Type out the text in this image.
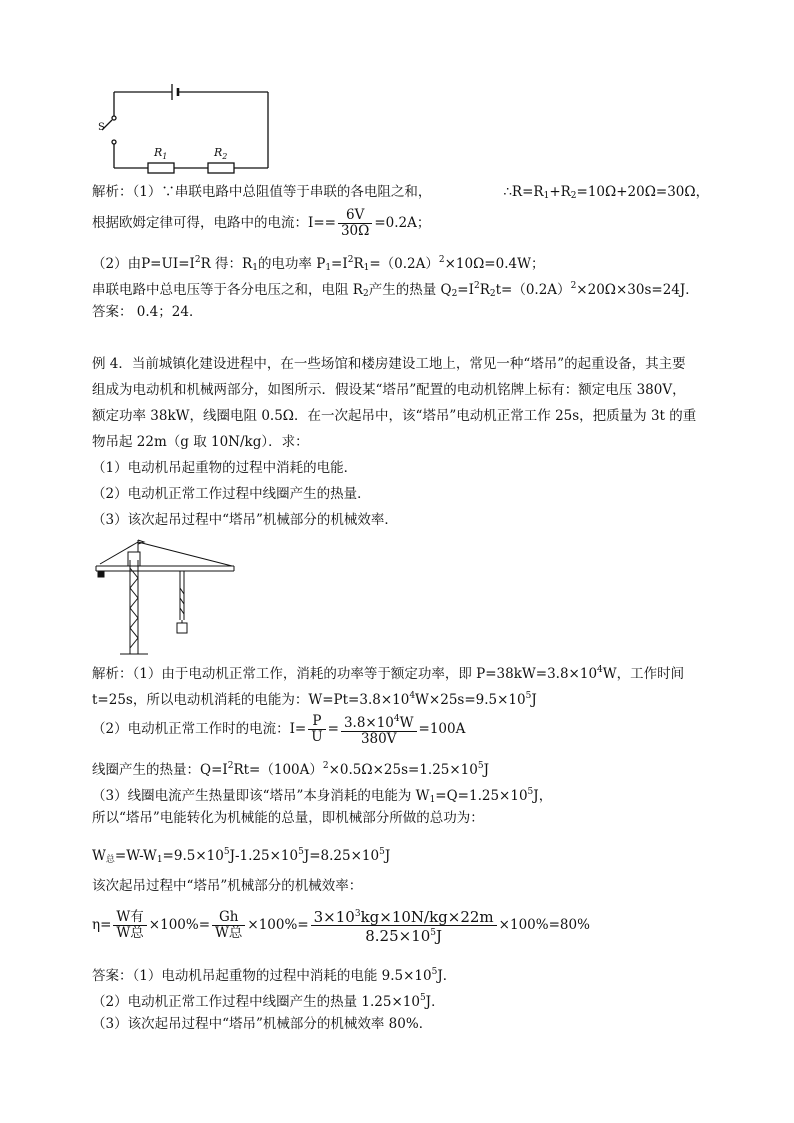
S
$R_1$	$R_2$
解析：（1）∵串联电路中总阻值等于串联的各电阻之和，	$\therefore R=R_1+R_2=10\Omega+20\Omega=30\Omega$，
根据欧姆定律可得，电路中的电流：$I== \frac{6V}{30\Omega} =0.2A$；
（2）由$P=UI=I^2R$ 得：$R_1$的电功率 $P_1=I^2R_1=(0.2A)^2\times 10\Omega=0.4W$；
串联电路中总电压等于各分电压之和，电阻 $R_2$产生的热量 $Q_2=I^2R_2t=(0.2A)^2\times 20\Omega\times 30s=24J$．
答案： 0.4；24．
例 4．当前城镇化建设进程中，在一些场馆和楼房建设工地上，常见一种“塔吊”的起重设备，其主要
组成为电动机和机械两部分，如图所示．假设某“塔吊”配置的电动机铭牌上标有：额定电压 380V，
额定功率 38kW，线圈电阻 0.5Ω．在一次起吊中，该“塔吊”电动机正常工作 25s，把质量为 3t 的重
物吊起 22m（g 取 10N/kg）．求：
（1）电动机吊起重物的过程中消耗的电能．
（2）电动机正常工作过程中线圈产生的热量．
（3）该次起吊过程中“塔吊”机械部分的机械效率．
解析：（1）由于电动机正常工作，消耗的功率等于额定功率，即 $P=38kW=3.8\times 10^4W$，工作时间
t=25s，所以电动机消耗的电能为：$W=Pt=3.8\times 10^4W\times 25s=9.5\times 10^5J$
（2）电动机正常工作时的电流：$I= \frac{P}{U} = \frac{3.8\times 10^4W}{380V} =100A$
线圈产生的热量：$Q=I^2Rt=(100A)^2\times 0.5\Omega\times 25s=1.25\times 10^5J$
（3）线圈电流产生热量即该“塔吊”本身消耗的电能为 $W_1=Q=1.25\times 10^5J$，
所以“塔吊”电能转化为机械能的总量，即机械部分所做的总功为：
$W_总=W-W_1=9.5\times 10^5J-1.25\times 10^5J=8.25\times 10^5J$
该次起吊过程中“塔吊”机械部分的机械效率：
$\eta= \frac{\text{W有}}{\text{W总}} \times 100\%= \frac{Gh}{\text{W总}} \times 100\%= \frac{3\times 10^3kg\times 10N/kg\times 22m}{8.25\times 10^5J} \times 100\%=80\%$
答案：（1）电动机吊起重物的过程中消耗的电能 $9.5\times 10^5J$．
（2）电动机正常工作过程中线圈产生的热量 $1.25\times 10^5J$．
（3）该次起吊过程中“塔吊”机械部分的机械效率 80%．
